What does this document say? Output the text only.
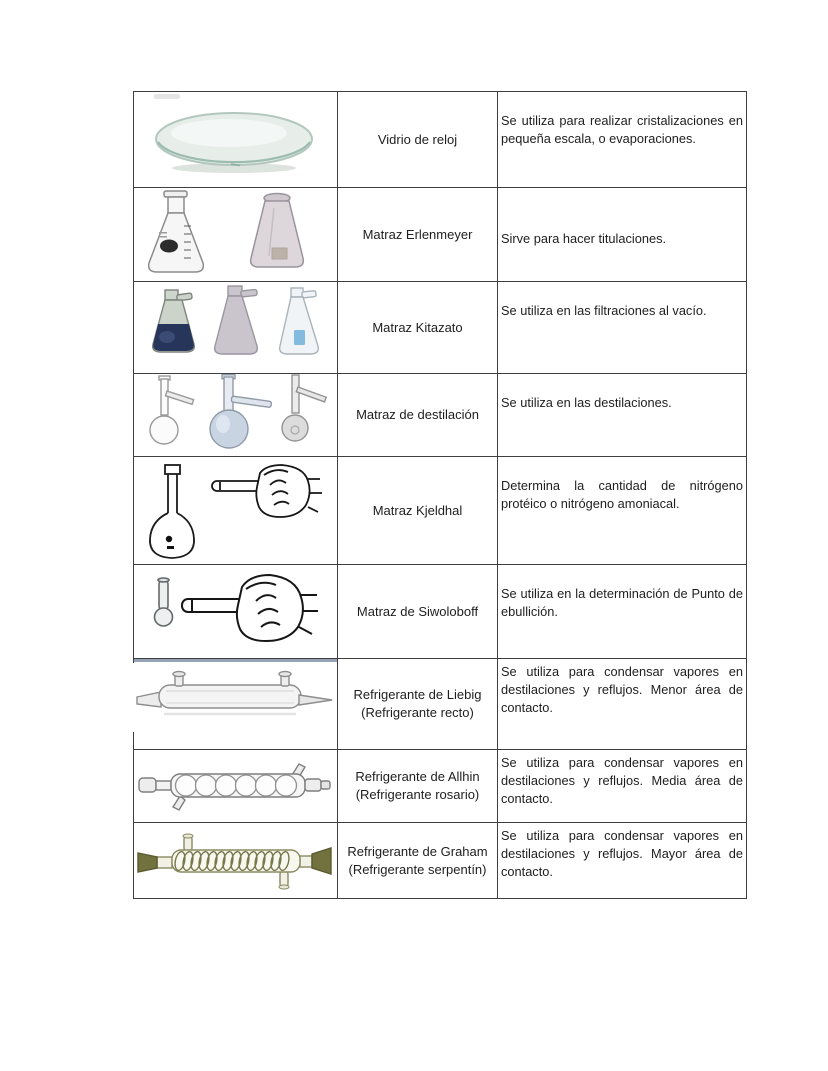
Vidrio de reloj
Se utiliza para realizar cristalizaciones en pequeña escala, o evaporaciones.
Matraz Erlenmeyer	Sirve para hacer titulaciones.
Matraz Kitazato
Se utiliza en las filtraciones al vacío.
Matraz de destilación
Se utiliza en las destilaciones.
Matraz Kjeldhal
Determina la cantidad de nitrógeno protéico o nitrógeno amoniacal.
Matraz de Siwoloboff
Se utiliza en la determinación de Punto de ebullición.
Refrigerante de Liebig (Refrigerante recto)
Se utiliza para condensar vapores en destilaciones y reflujos. Menor área de contacto.
Refrigerante de Allhin (Refrigerante rosario)
Se utiliza para condensar vapores en destilaciones y reflujos. Media área de contacto.
Refrigerante de Graham (Refrigerante serpentín)
Se utiliza para condensar vapores en destilaciones y reflujos. Mayor área de contacto.
